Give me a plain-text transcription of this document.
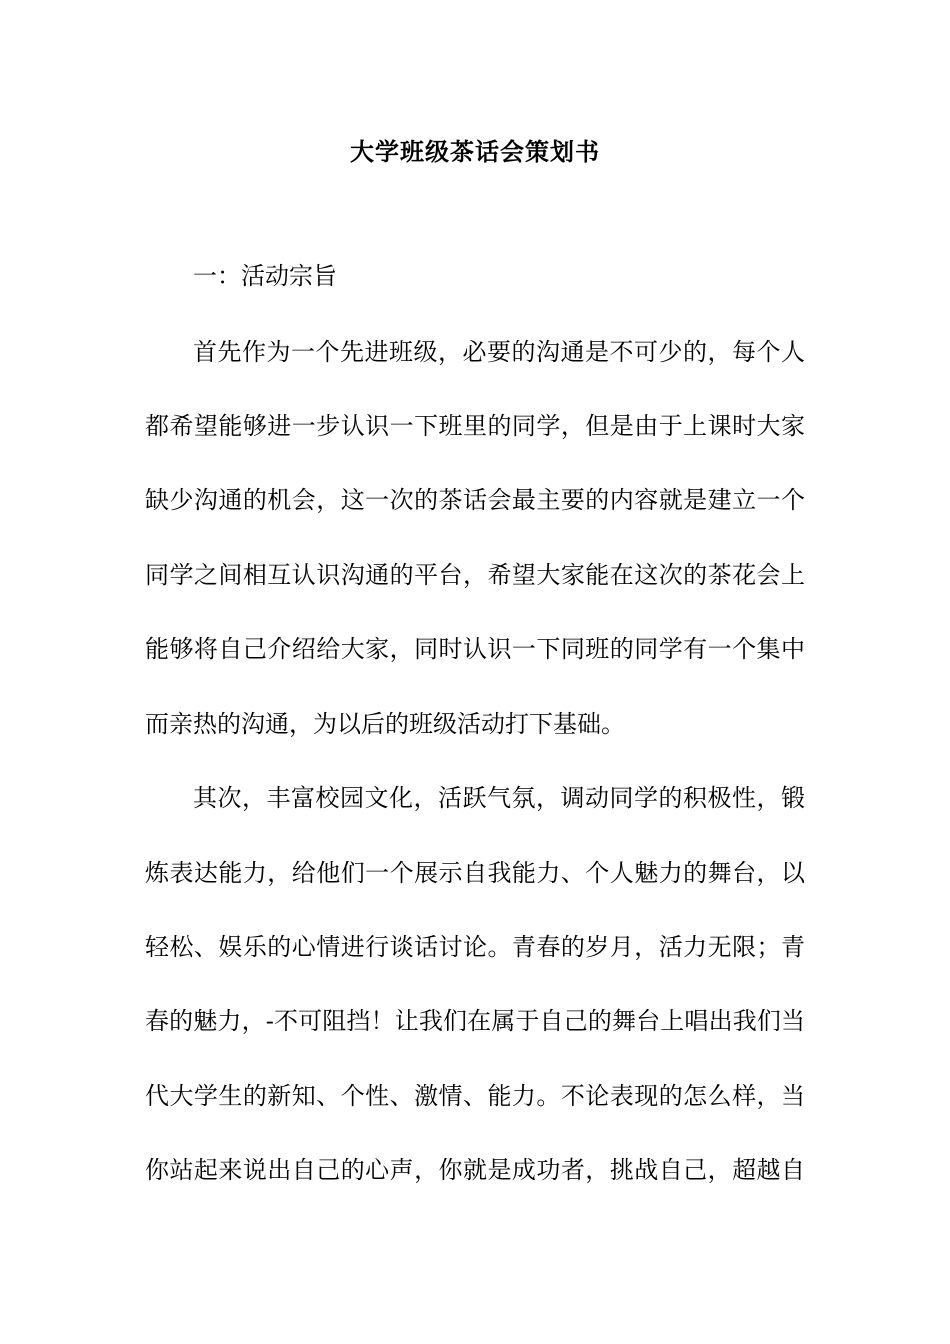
大学班级茶话会策划书
一：活动宗旨
首先作为一个先进班级，必要的沟通是不可少的，每个人
都希望能够进一步认识一下班里的同学，但是由于上课时大家
缺少沟通的机会，这一次的茶话会最主要的内容就是建立一个
同学之间相互认识沟通的平台，希望大家能在这次的茶花会上
能够将自己介绍给大家，同时认识一下同班的同学有一个集中
而亲热的沟通，为以后的班级活动打下基础。
其次，丰富校园文化，活跃气氛，调动同学的积极性，锻
炼表达能力，给他们一个展示自我能力、个人魅力的舞台，以
轻松、娱乐的心情进行谈话讨论。青春的岁月，活力无限；青
春的魅力，-不可阻挡！让我们在属于自己的舞台上唱出我们当
代大学生的新知、个性、激情、能力。不论表现的怎么样，当
你站起来说出自己的心声，你就是成功者，挑战自己，超越自
